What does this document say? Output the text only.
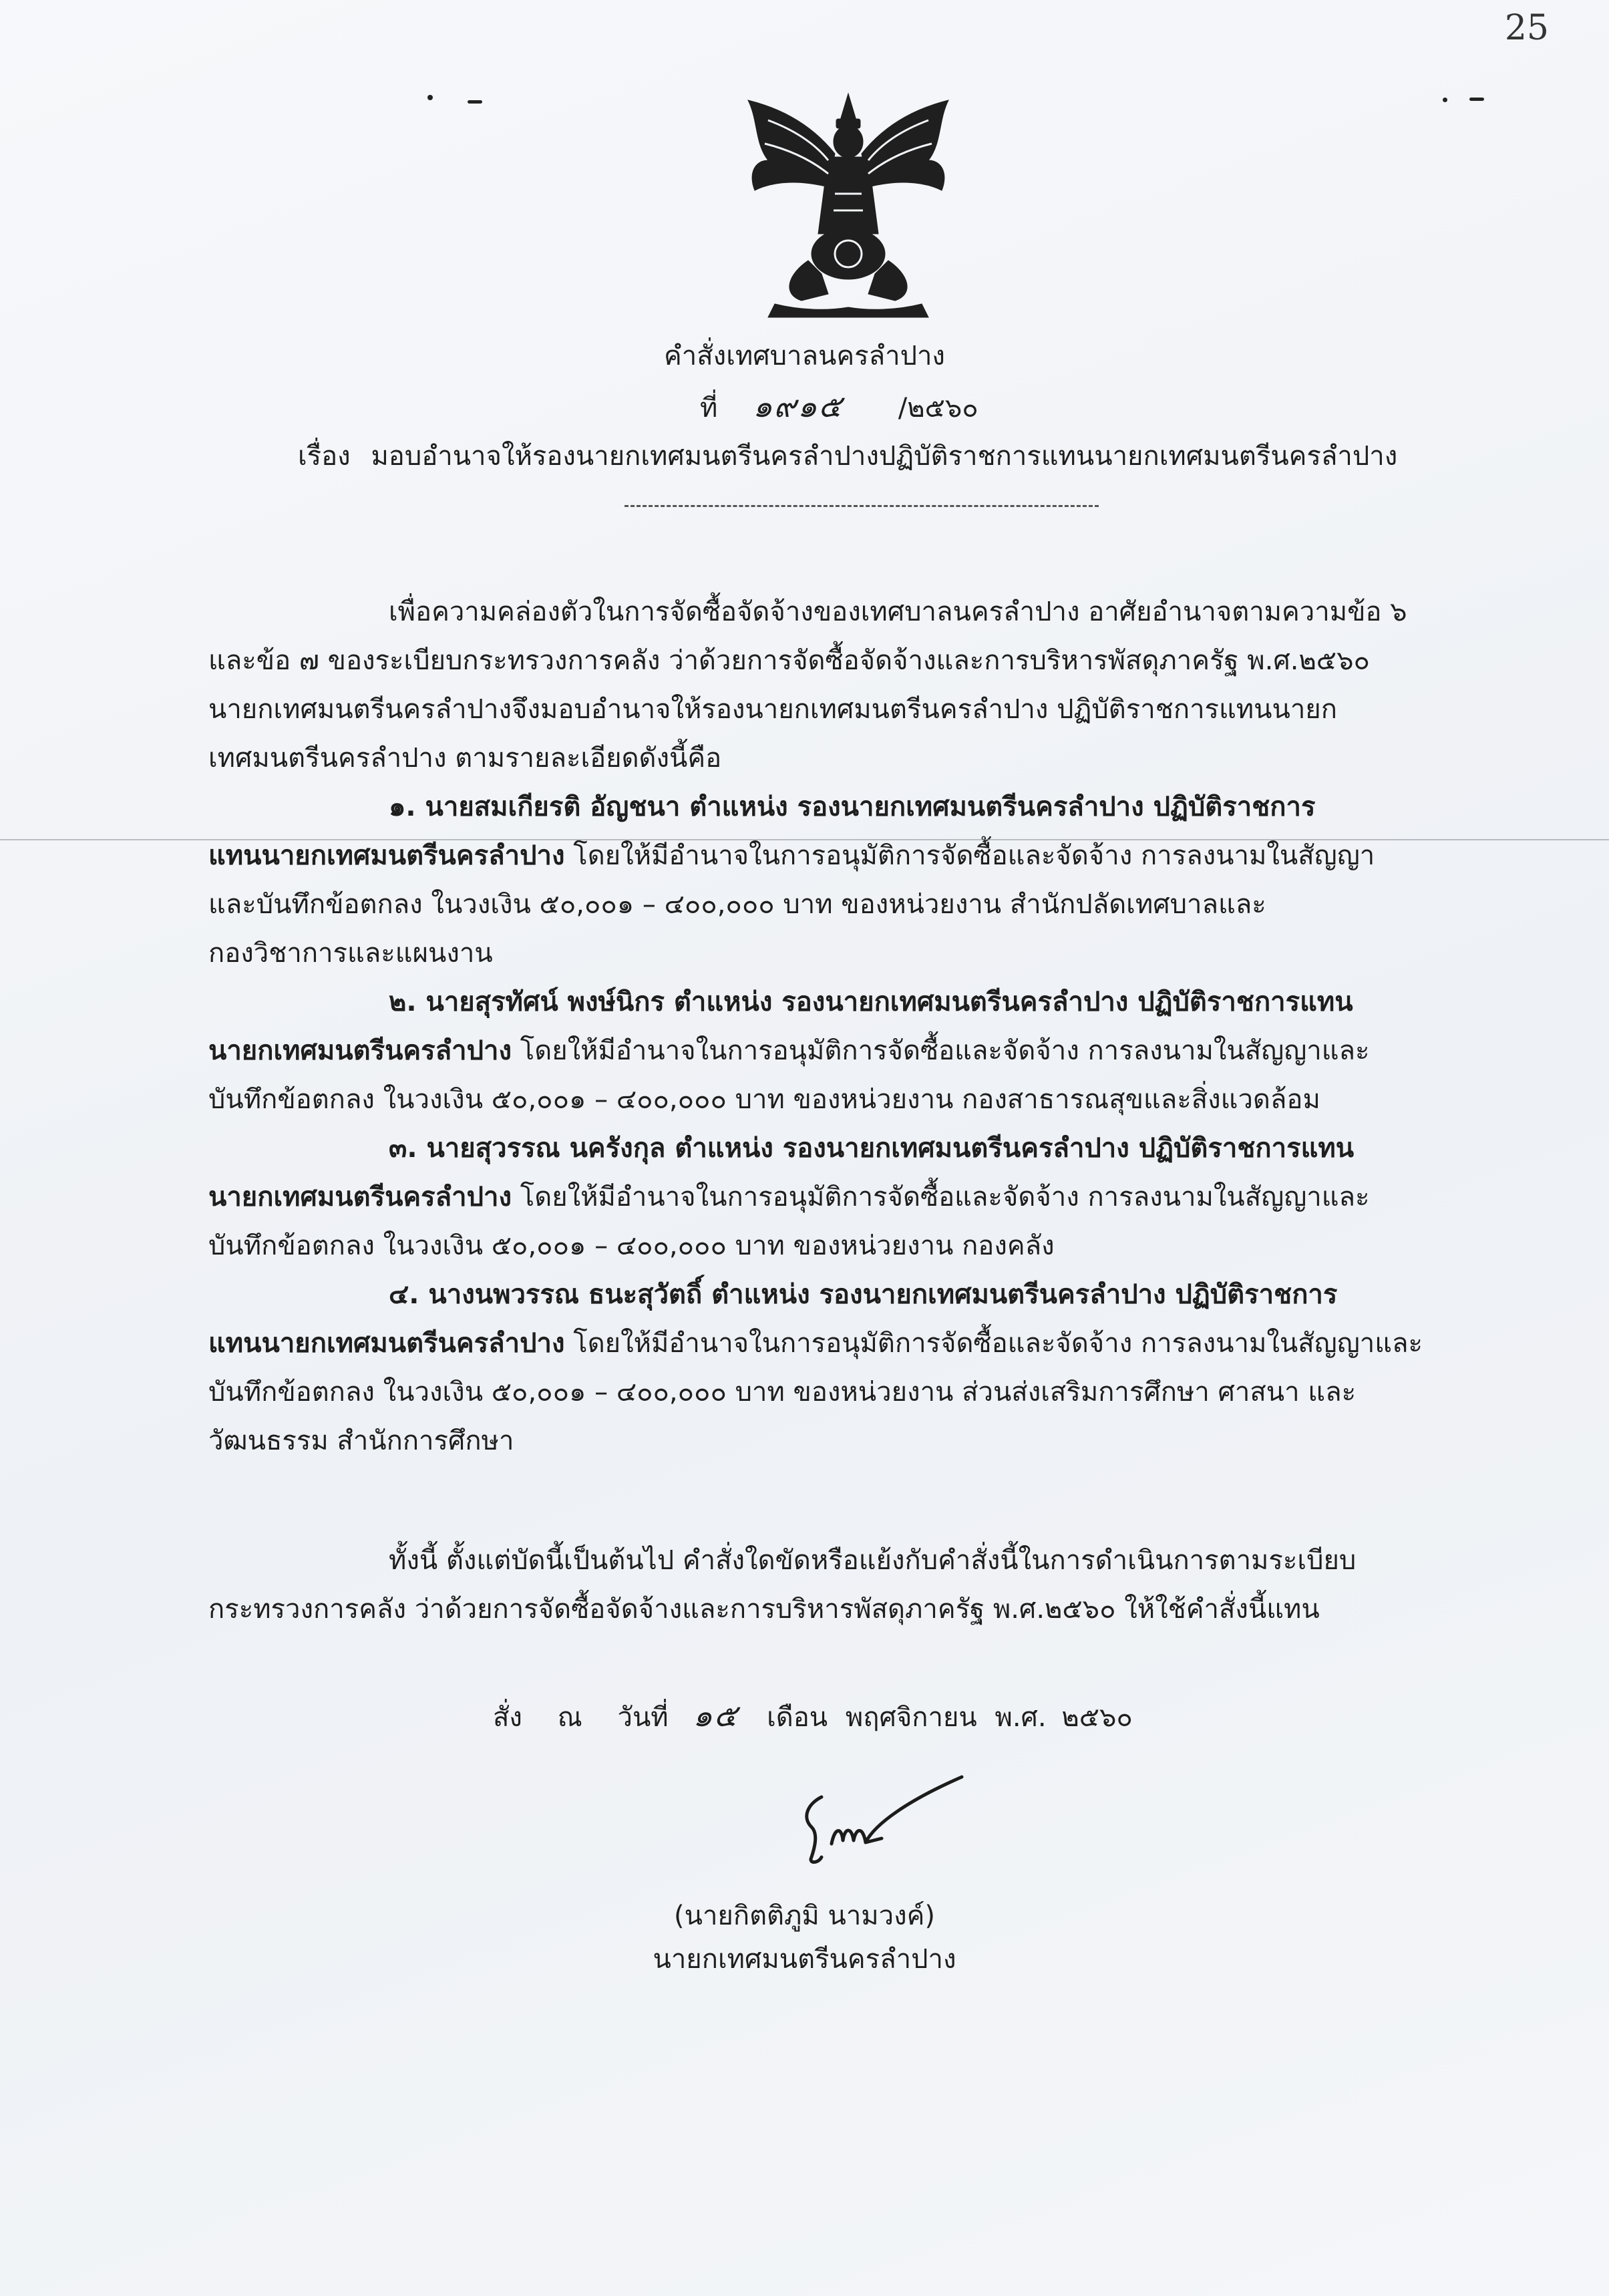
25
คำสั่งเทศบาลนครลำปาง
ที่ ๑๙๑๕ /๒๕๖๐
เรื่อง มอบอำนาจให้รองนายกเทศมนตรีนครลำปางปฏิบัติราชการแทนนายกเทศมนตรีนครลำปาง
เพื่อความคล่องตัวในการจัดซื้อจัดจ้างของเทศบาลนครลำปาง อาศัยอำนาจตามความข้อ ๖
และข้อ ๗ ของระเบียบกระทรวงการคลัง ว่าด้วยการจัดซื้อจัดจ้างและการบริหารพัสดุภาครัฐ พ.ศ.๒๕๖๐
นายกเทศมนตรีนครลำปางจึงมอบอำนาจให้รองนายกเทศมนตรีนครลำปาง ปฏิบัติราชการแทนนายก
เทศมนตรีนครลำปาง ตามรายละเอียดดังนี้คือ
๑. นายสมเกียรติ อัญชนา ตำแหน่ง รองนายกเทศมนตรีนครลำปาง ปฏิบัติราชการ
แทนนายกเทศมนตรีนครลำปาง โดยให้มีอำนาจในการอนุมัติการจัดซื้อและจัดจ้าง การลงนามในสัญญา
และบันทึกข้อตกลง ในวงเงิน ๕๐,๐๐๑ – ๔๐๐,๐๐๐ บาท ของหน่วยงาน สำนักปลัดเทศบาลและ
กองวิชาการและแผนงาน
๒. นายสุรทัศน์ พงษ์นิกร ตำแหน่ง รองนายกเทศมนตรีนครลำปาง ปฏิบัติราชการแทน
นายกเทศมนตรีนครลำปาง โดยให้มีอำนาจในการอนุมัติการจัดซื้อและจัดจ้าง การลงนามในสัญญาและ
บันทึกข้อตกลง ในวงเงิน ๕๐,๐๐๑ – ๔๐๐,๐๐๐ บาท ของหน่วยงาน กองสาธารณสุขและสิ่งแวดล้อม
๓. นายสุวรรณ นครังกุล ตำแหน่ง รองนายกเทศมนตรีนครลำปาง ปฏิบัติราชการแทน
นายกเทศมนตรีนครลำปาง โดยให้มีอำนาจในการอนุมัติการจัดซื้อและจัดจ้าง การลงนามในสัญญาและ
บันทึกข้อตกลง ในวงเงิน ๕๐,๐๐๑ – ๔๐๐,๐๐๐ บาท ของหน่วยงาน กองคลัง
๔. นางนพวรรณ ธนะสุวัตถิ์ ตำแหน่ง รองนายกเทศมนตรีนครลำปาง ปฏิบัติราชการ
แทนนายกเทศมนตรีนครลำปาง โดยให้มีอำนาจในการอนุมัติการจัดซื้อและจัดจ้าง การลงนามในสัญญาและ
บันทึกข้อตกลง ในวงเงิน ๕๐,๐๐๑ – ๔๐๐,๐๐๐ บาท ของหน่วยงาน ส่วนส่งเสริมการศึกษา ศาสนา และ
วัฒนธรรม สำนักการศึกษา
ทั้งนี้ ตั้งแต่บัดนี้เป็นต้นไป คำสั่งใดขัดหรือแย้งกับคำสั่งนี้ในการดำเนินการตามระเบียบ
กระทรวงการคลัง ว่าด้วยการจัดซื้อจัดจ้างและการบริหารพัสดุภาครัฐ พ.ศ.๒๕๖๐ ให้ใช้คำสั่งนี้แทน
สั่ง ณ วันที่ ๑๕ เดือน พฤศจิกายน พ.ศ. ๒๕๖๐
(นายกิตติภูมิ นามวงค์)
นายกเทศมนตรีนครลำปาง
